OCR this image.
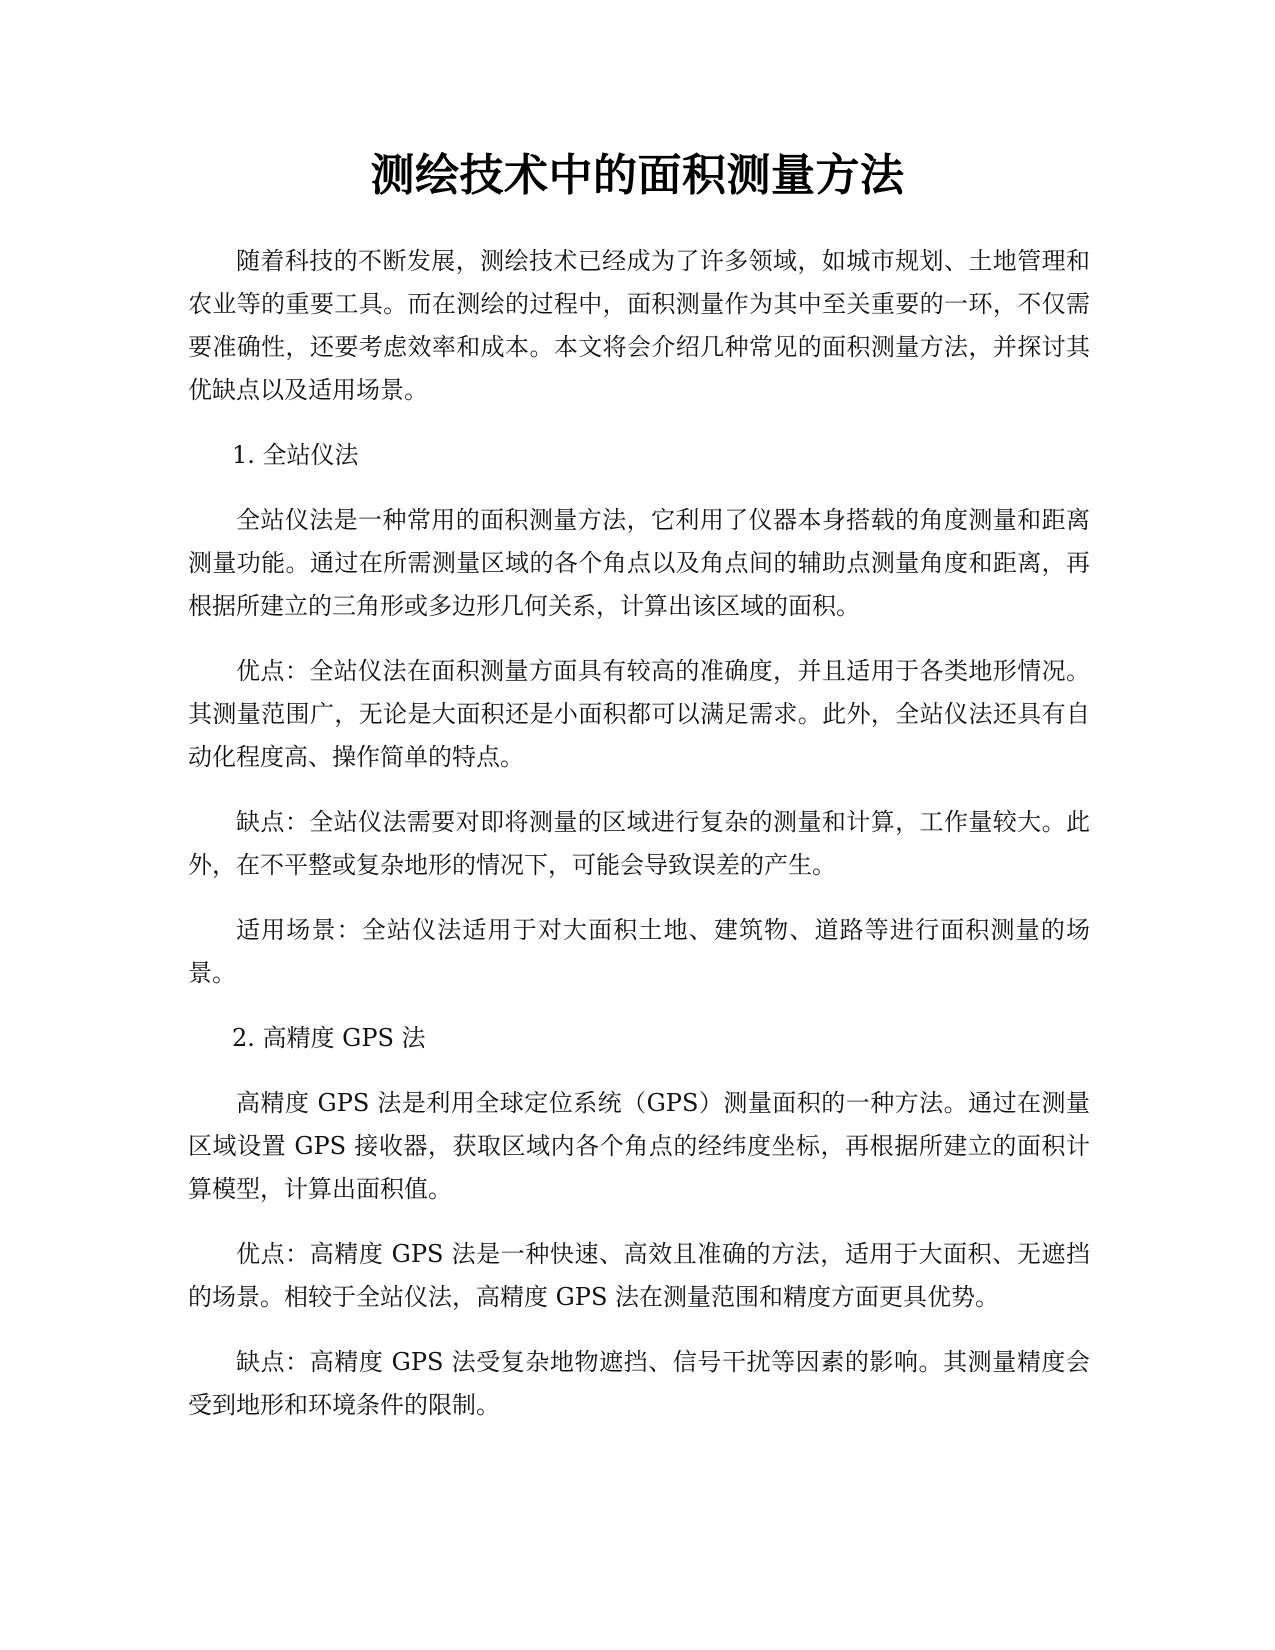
测绘技术中的面积测量方法

随着科技的不断发展，测绘技术已经成为了许多领域，如城市规划、土地管理和农业等的重要工具。而在测绘的过程中，面积测量作为其中至关重要的一环，不仅需要准确性，还要考虑效率和成本。本文将会介绍几种常见的面积测量方法，并探讨其优缺点以及适用场景。

1. 全站仪法

全站仪法是一种常用的面积测量方法，它利用了仪器本身搭载的角度测量和距离测量功能。通过在所需测量区域的各个角点以及角点间的辅助点测量角度和距离，再根据所建立的三角形或多边形几何关系，计算出该区域的面积。

优点：全站仪法在面积测量方面具有较高的准确度，并且适用于各类地形情况。其测量范围广，无论是大面积还是小面积都可以满足需求。此外，全站仪法还具有自动化程度高、操作简单的特点。

缺点：全站仪法需要对即将测量的区域进行复杂的测量和计算，工作量较大。此外，在不平整或复杂地形的情况下，可能会导致误差的产生。

适用场景：全站仪法适用于对大面积土地、建筑物、道路等进行面积测量的场景。

2. 高精度 GPS 法

高精度 GPS 法是利用全球定位系统（GPS）测量面积的一种方法。通过在测量区域设置 GPS 接收器，获取区域内各个角点的经纬度坐标，再根据所建立的面积计算模型，计算出面积值。

优点：高精度 GPS 法是一种快速、高效且准确的方法，适用于大面积、无遮挡的场景。相较于全站仪法，高精度 GPS 法在测量范围和精度方面更具优势。

缺点：高精度 GPS 法受复杂地物遮挡、信号干扰等因素的影响。其测量精度会受到地形和环境条件的限制。
